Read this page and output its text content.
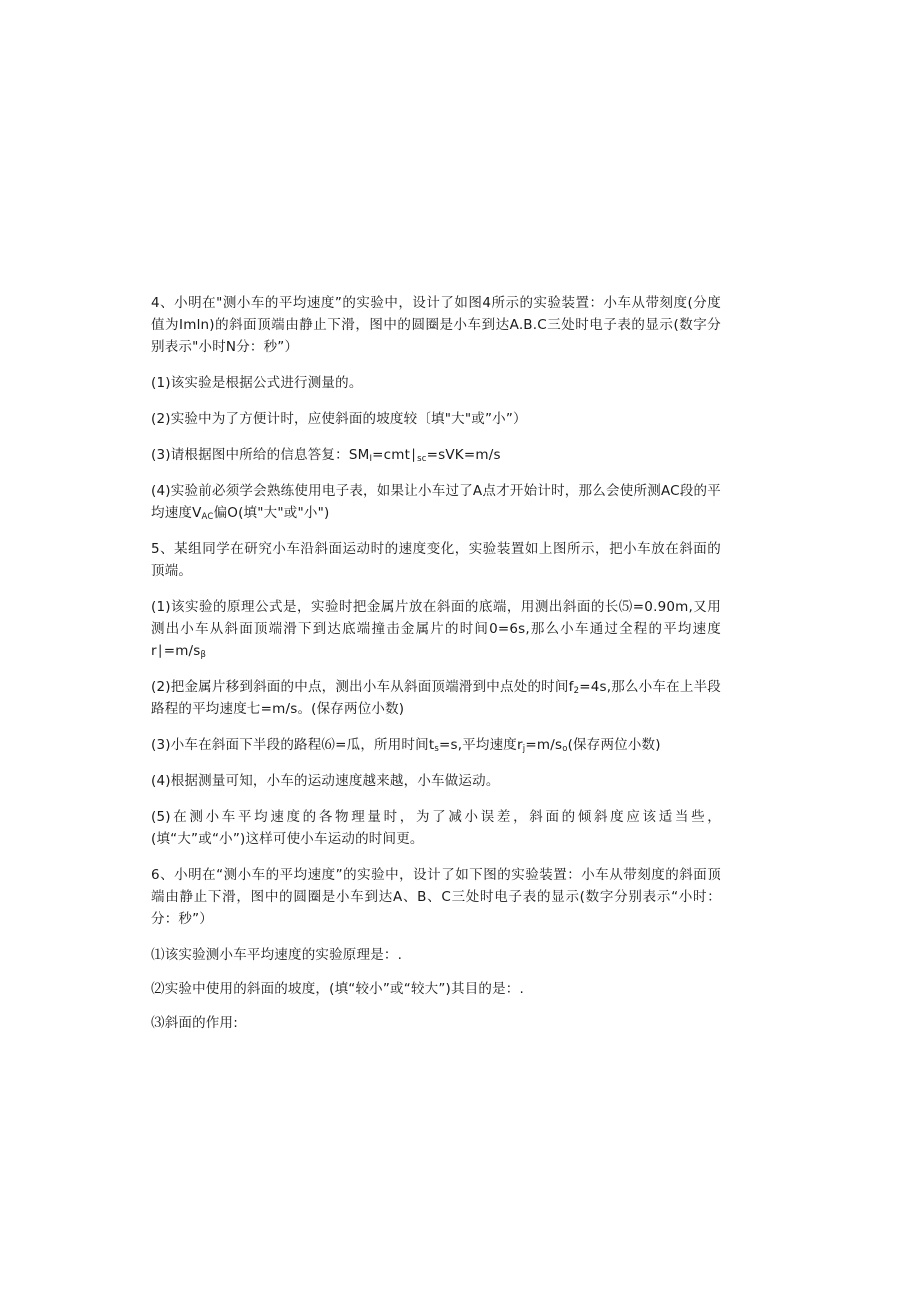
4、小明在"测小车的平均速度”的实验中，设计了如图4所示的实验装置：小车从带刻度(分度值为Imln)的斜面顶端由静止下滑，图中的圆圈是小车到达A.B.C三处时电子表的显示(数字分别表示"小时N分：秒”）

(1)该实验是根据公式进行测量的。

(2)实验中为了方便计时，应使斜面的坡度较〔填"大"或”小”）

(3)请根据图中所给的信息答复：$SM_I=cmt∣_{sc}=sVK=m/s$

(4)实验前必须学会熟练使用电子表，如果让小车过了A点才开始计时，那么会使所测AC段的平均速度$V_{AC}$偏O(填"大"或"小")

5、某组同学在研究小车沿斜面运动时的速度变化，实验装置如上图所示，把小车放在斜面的顶端。

(1)该实验的原理公式是，实验时把金属片放在斜面的底端，用测出斜面的长⑸=0.90m,又用测出小车从斜面顶端滑下到达底端撞击金属片的时间0=6s,那么小车通过全程的平均速度$r∣=m∕s_\beta$

(2)把金属片移到斜面的中点，测出小车从斜面顶端滑到中点处的时间$f_2=4s$,那么小车在上半段路程的平均速度七=m/s。(保存两位小数)

(3)小车在斜面下半段的路程⑹=瓜，所用时间$t_s=s$,平均速度$r_j=m∕s_o$(保存两位小数)

(4)根据测量可知，小车的运动速度越来越，小车做运动。

(5)在测小车平均速度的各物理量时，为了减小误差，斜面的倾斜度应该适当些，(填“大”或“小”)这样可使小车运动的时间更。

6、小明在“测小车的平均速度”的实验中，设计了如下图的实验装置：小车从带刻度的斜面顶端由静止下滑，图中的圆圈是小车到达A、B、C三处时电子表的显示(数字分别表示“小时：分：秒”）

⑴该实验测小车平均速度的实验原理是：.

⑵实验中使用的斜面的坡度，(填“较小”或“较大”)其目的是：.

⑶斜面的作用:
